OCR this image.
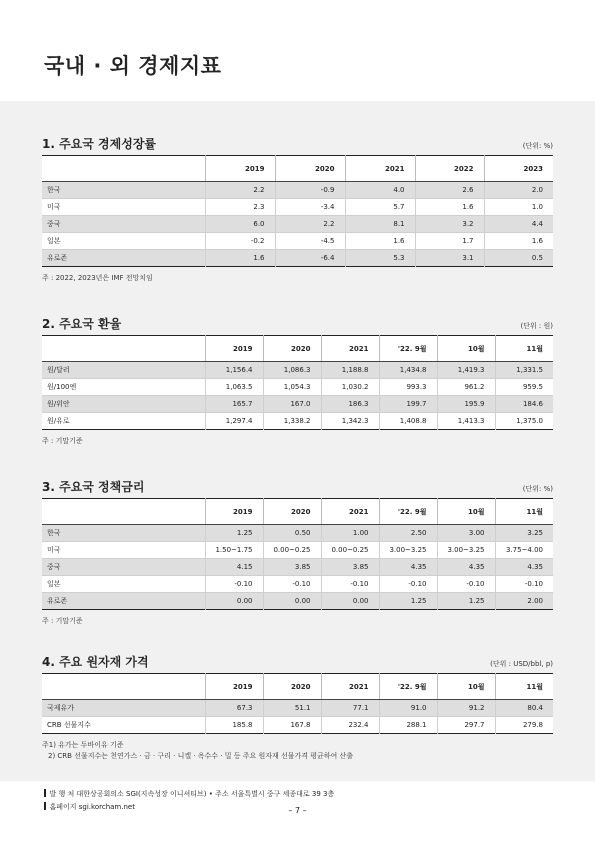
국내 · 외 경제지표
1. 주요국 경제성장률	(단위: %)
	2019	2020	2021	2022	2023
한국	2.2	-0.9	4.0	2.6	2.0
미국	2.3	-3.4	5.7	1.6	1.0
중국	6.0	2.2	8.1	3.2	4.4
일본	-0.2	-4.5	1.6	1.7	1.6
유로존	1.6	-6.4	5.3	3.1	0.5
주 : 2022, 2023년은 IMF 전망치임
2. 주요국 환율	(단위 : 원)
	2019	2020	2021	'22. 9월	10월	11월
원/달러	1,156.4	1,086.3	1,188.8	1,434.8	1,419.3	1,331.5
원/100엔	1,063.5	1,054.3	1,030.2	993.3	961.2	959.5
원/위안	165.7	167.0	186.3	199.7	195.9	184.6
원/유로	1,297.4	1,338.2	1,342.3	1,408.8	1,413.3	1,375.0
주 : 기말기준
3. 주요국 정책금리	(단위: %)
	2019	2020	2021	'22. 9월	10월	11월
한국	1.25	0.50	1.00	2.50	3.00	3.25
미국	1.50~1.75	0.00~0.25	0.00~0.25	3.00~3.25	3.00~3.25	3.75~4.00
중국	4.15	3.85	3.85	4.35	4.35	4.35
일본	-0.10	-0.10	-0.10	-0.10	-0.10	-0.10
유로존	0.00	0.00	0.00	1.25	1.25	2.00
주 : 기말기준
4. 주요 원자재 가격	(단위 : USD/bbl, p)
	2019	2020	2021	'22. 9월	10월	11월
국제유가	67.3	51.1	77.1	91.0	91.2	80.4
CRB 선물지수	185.8	167.8	232.4	288.1	297.7	279.8
주1) 유가는 두바이유 기준
2) CRB 선물지수는 천연가스 · 금 · 구리 · 니켈 · 옥수수 · 밀 등 주요 원자재 선물가격 평균하여 산출
발 행 처 대한상공회의소 SGI(지속성장 이니셔티브) • 주소 서울특별시 중구 세종대로 39 3층
홈페이지 sgi.korcham.net	– 7 –
